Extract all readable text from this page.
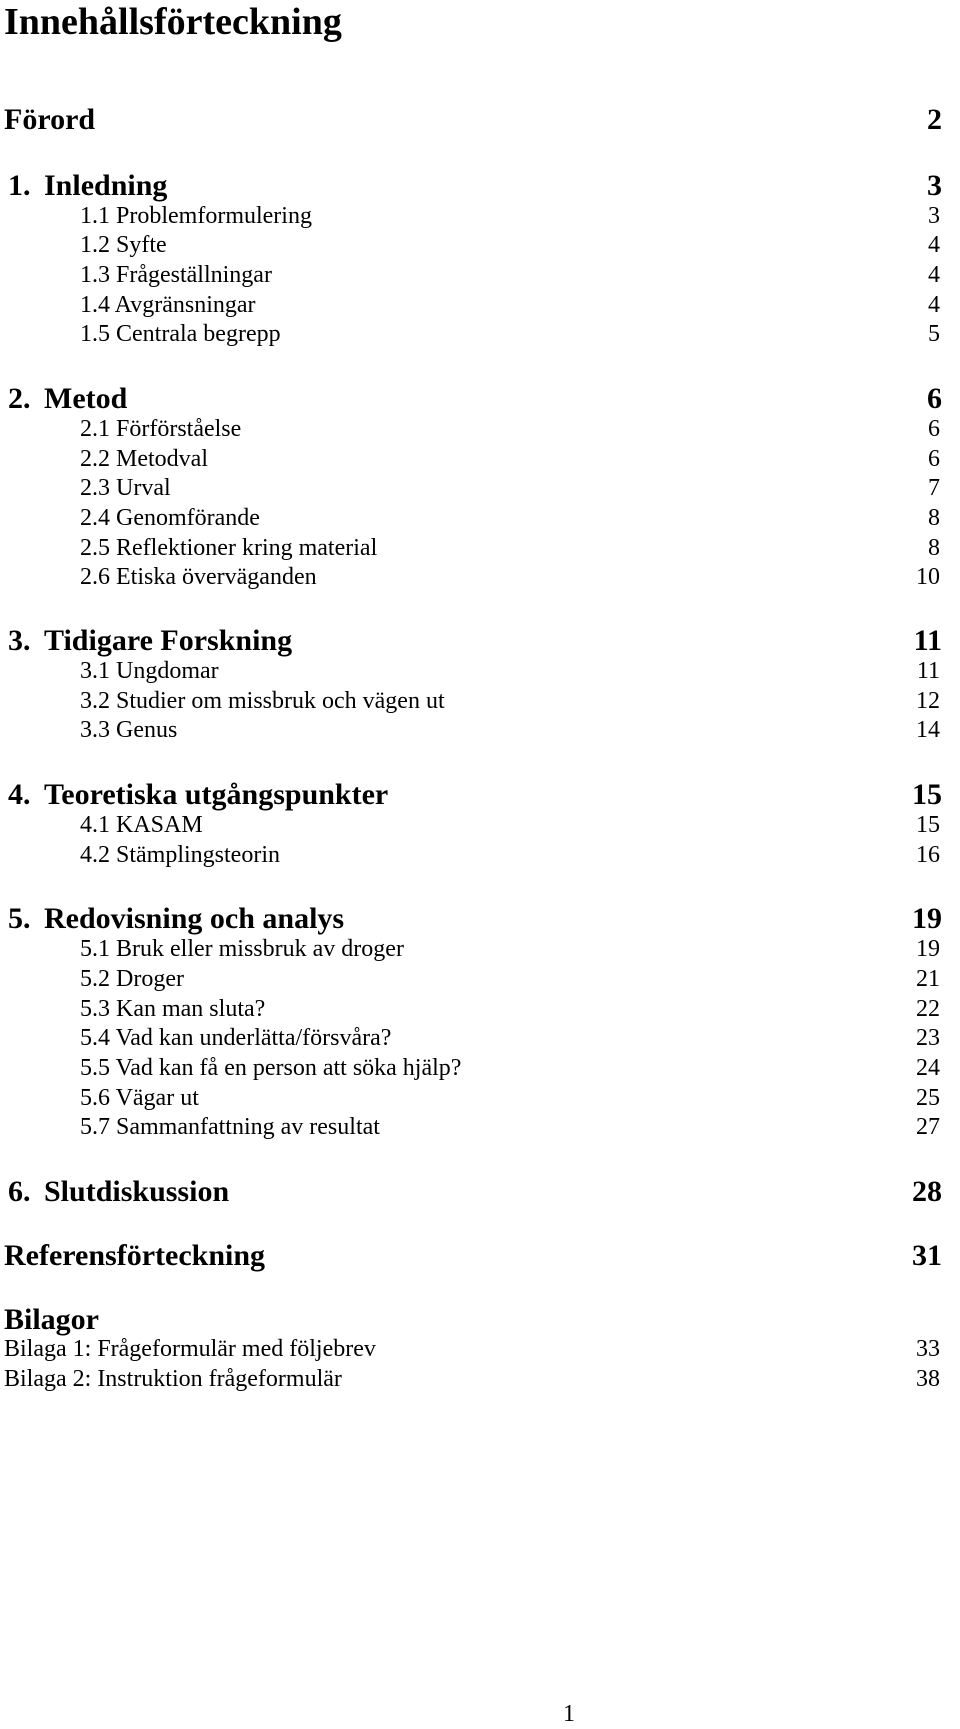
Innehållsförteckning
Förord	2
1. Inledning	3
1.1 Problemformulering	3
1.2 Syfte	4
1.3 Frågeställningar	4
1.4 Avgränsningar	4
1.5 Centrala begrepp	5
2. Metod	6
2.1 Förförståelse	6
2.2 Metodval	6
2.3 Urval	7
2.4 Genomförande	8
2.5 Reflektioner kring material	8
2.6 Etiska överväganden	10
3. Tidigare Forskning	11
3.1 Ungdomar	11
3.2 Studier om missbruk och vägen ut	12
3.3 Genus	14
4. Teoretiska utgångspunkter	15
4.1 KASAM	15
4.2 Stämplingsteorin	16
5. Redovisning och analys	19
5.1 Bruk eller missbruk av droger	19
5.2 Droger	21
5.3 Kan man sluta?	22
5.4 Vad kan underlätta/försvåra?	23
5.5 Vad kan få en person att söka hjälp?	24
5.6 Vägar ut	25
5.7 Sammanfattning av resultat	27
6. Slutdiskussion	28
Referensförteckning	31
Bilagor
Bilaga 1: Frågeformulär med följebrev	33
Bilaga 2: Instruktion frågeformulär	38
1
